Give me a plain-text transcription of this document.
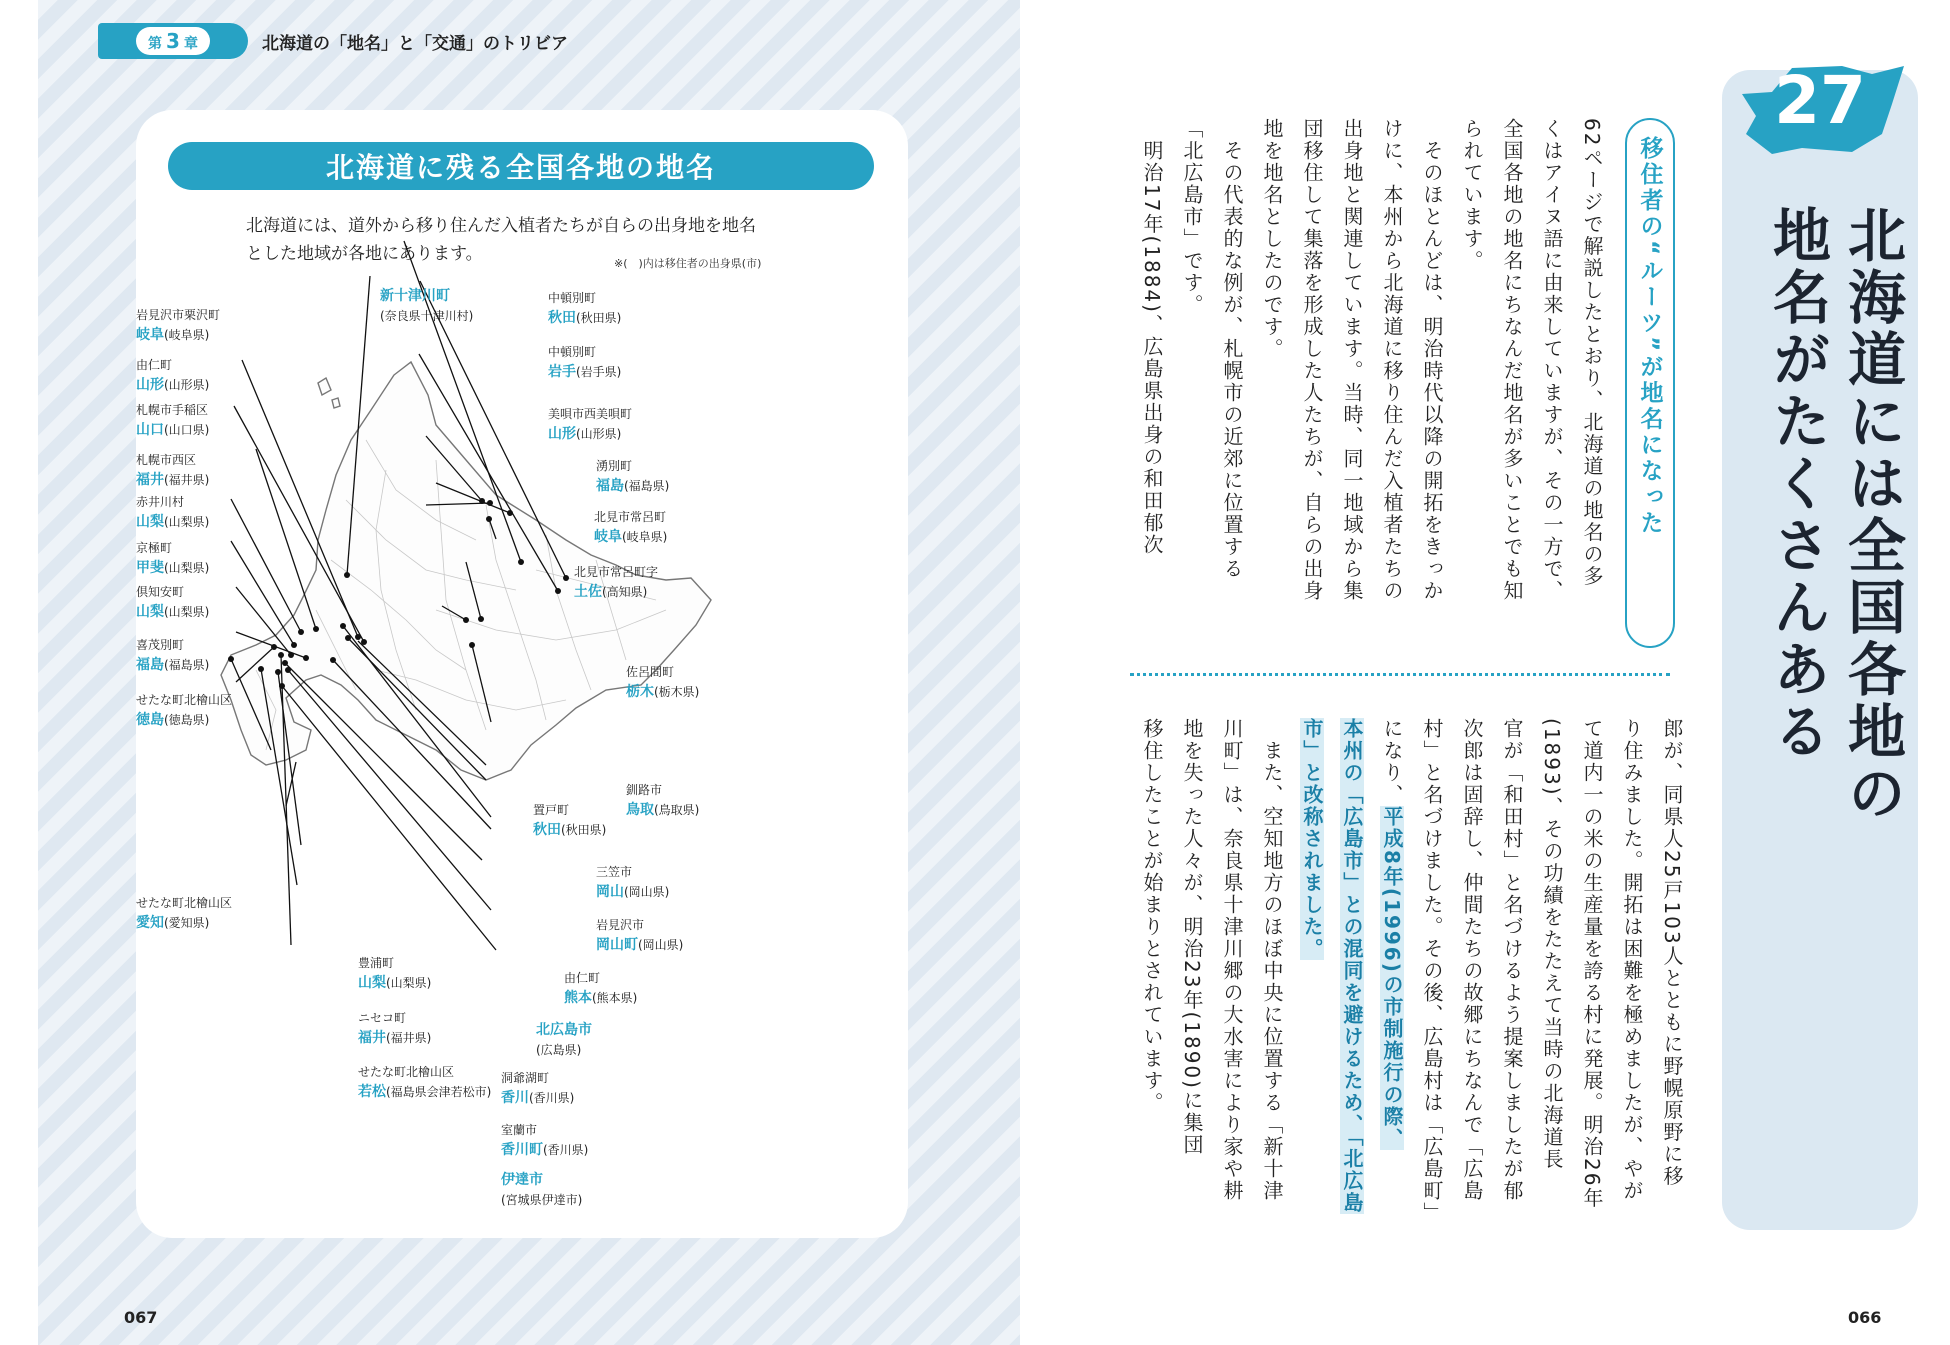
第 3 章	北海道の「地名」と「交通」のトリビア
067
北海道に残る全国各地の地名
北海道には、道外から移り住んだ入植者たちが自らの出身地を地名
とした地域が各地にあります。	※(　)内は移住者の出身県(市)
岩見沢市栗沢町
岐阜(岐阜県)
由仁町
山形(山形県)
札幌市手稲区
山口(山口県)
札幌市西区
福井(福井県)
赤井川村
山梨(山梨県)
京極町
甲斐(山梨県)
倶知安町
山梨(山梨県)
喜茂別町
福島(福島県)
せたな町北檜山区
徳島(徳島県)
せたな町北檜山区
愛知(愛知県)
豊浦町
山梨(山梨県)
ニセコ町
福井(福井県)
せたな町北檜山区
若松(福島県会津若松市)
新十津川町
(奈良県十津川村)
中頓別町
秋田(秋田県)
中頓別町
岩手(岩手県)
美唄市西美唄町
山形(山形県)
湧別町
福島(福島県)
北見市常呂町
岐阜(岐阜県)
北見市常呂町字
土佐(高知県)
佐呂間町
栃木(栃木県)
釧路市
鳥取(鳥取県)
置戸町
秋田(秋田県)
三笠市
岡山(岡山県)
岩見沢市
岡山町(岡山県)
由仁町
熊本(熊本県)
北広島市
(広島県)
洞爺湖町
香川(香川県)
室蘭市
香川町(香川県)
伊達市
(宮城県伊達市)
066
27
北海道には全国各地の
地名がたくさんある
移住者の“ルーツ”が地名になった
62ページで解説したとおり、北海道の地名の多
くはアイヌ語に由来していますが、その一方で、
全国各地の地名にちなんだ地名が多いことでも知
られています。
そのほとんどは、明治時代以降の開拓をきっか
けに、本州から北海道に移り住んだ入植者たちの
出身地と関連しています。当時、同一地域から集
団移住して集落を形成した人たちが、自らの出身
地を地名としたのです。
その代表的な例が、札幌市の近郊に位置する
「北広島市」です。
明治17年(1884)、広島県出身の和田郁次
郎が、同県人25戸103人とともに野幌原野に移
り住みました。開拓は困難を極めましたが、やが
て道内一の米の生産量を誇る村に発展。明治26年
(1893)、その功績をたたえて当時の北海道長
官が「和田村」と名づけるよう提案しましたが郁
次郎は固辞し、仲間たちの故郷にちなんで「広島
村」と名づけました。その後、広島村は「広島町」
になり、平成8年(1996)の市制施行の際、
本州の「広島市」との混同を避けるため、「北広島
市」と改称されました。
また、空知地方のほぼ中央に位置する「新十津
川町」は、奈良県十津川郷の大水害により家や耕
地を失った人々が、明治23年(1890)に集団
移住したことが始まりとされています。
